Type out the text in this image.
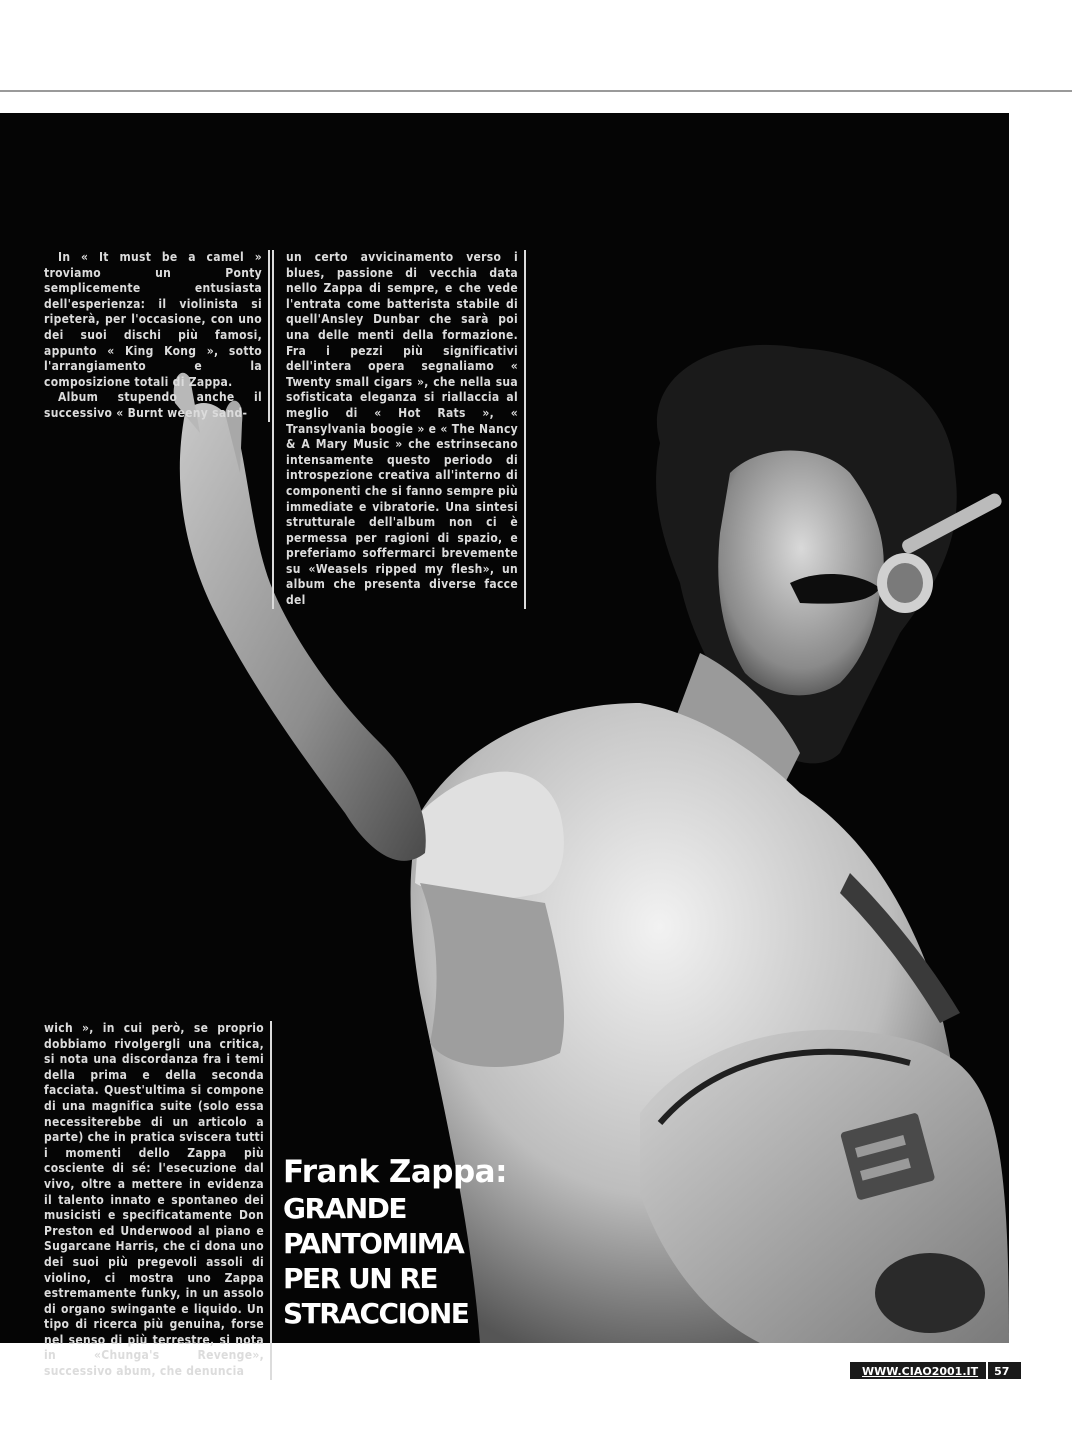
In « It must be a camel » troviamo un Ponty semplicemente entusiasta dell'esperienza: il violinista si ripeterà, per l'occasione, con uno dei suoi dischi più famosi, appunto « King Kong », sotto l'arrangiamento e la composizione totali di Zappa.

Album stupendo anche il successivo « Burnt weeny sand-

un certo avvicinamento verso i blues, passione di vecchia data nello Zappa di sempre, e che vede l'entrata come batterista stabile di quell'Ansley Dunbar che sarà poi una delle menti della formazione. Fra i pezzi più significativi dell'intera opera segnaliamo « Twenty small cigars », che nella sua sofisticata eleganza si riallaccia al meglio di « Hot Rats », « Transylvania boogie » e « The Nancy & A Mary Music » che estrinsecano intensamente questo periodo di introspezione creativa all'interno di componenti che si fanno sempre più immediate e vibratorie. Una sintesi strutturale dell'album non ci è permessa per ragioni di spazio, e preferiamo soffermarci brevemente su «Weasels ripped my flesh», un album che presenta diverse facce del

wich », in cui però, se proprio dobbiamo rivolgergli una critica, si nota una discordanza fra i temi della prima e della seconda facciata. Quest'ultima si compone di una magnifica suite (solo essa necessiterebbe di un articolo a parte) che in pratica sviscera tutti i momenti dello Zappa più cosciente di sé: l'esecuzione dal vivo, oltre a mettere in evidenza il talento innato e spontaneo dei musicisti e specificatamente Don Preston ed Underwood al piano e Sugarcane Harris, che ci dona uno dei suoi più pregevoli assoli di violino, ci mostra uno Zappa estremamente funky, in un assolo di organo swingante e liquido. Un tipo di ricerca più genuina, forse nel senso di più terrestre, si nota in «Chunga's Revenge», successivo abum, che denuncia

Frank Zappa:
GRANDE
PANTOMIMA
PER UN RE
STRACCIONE
WWW.CIAO2001.IT	57
